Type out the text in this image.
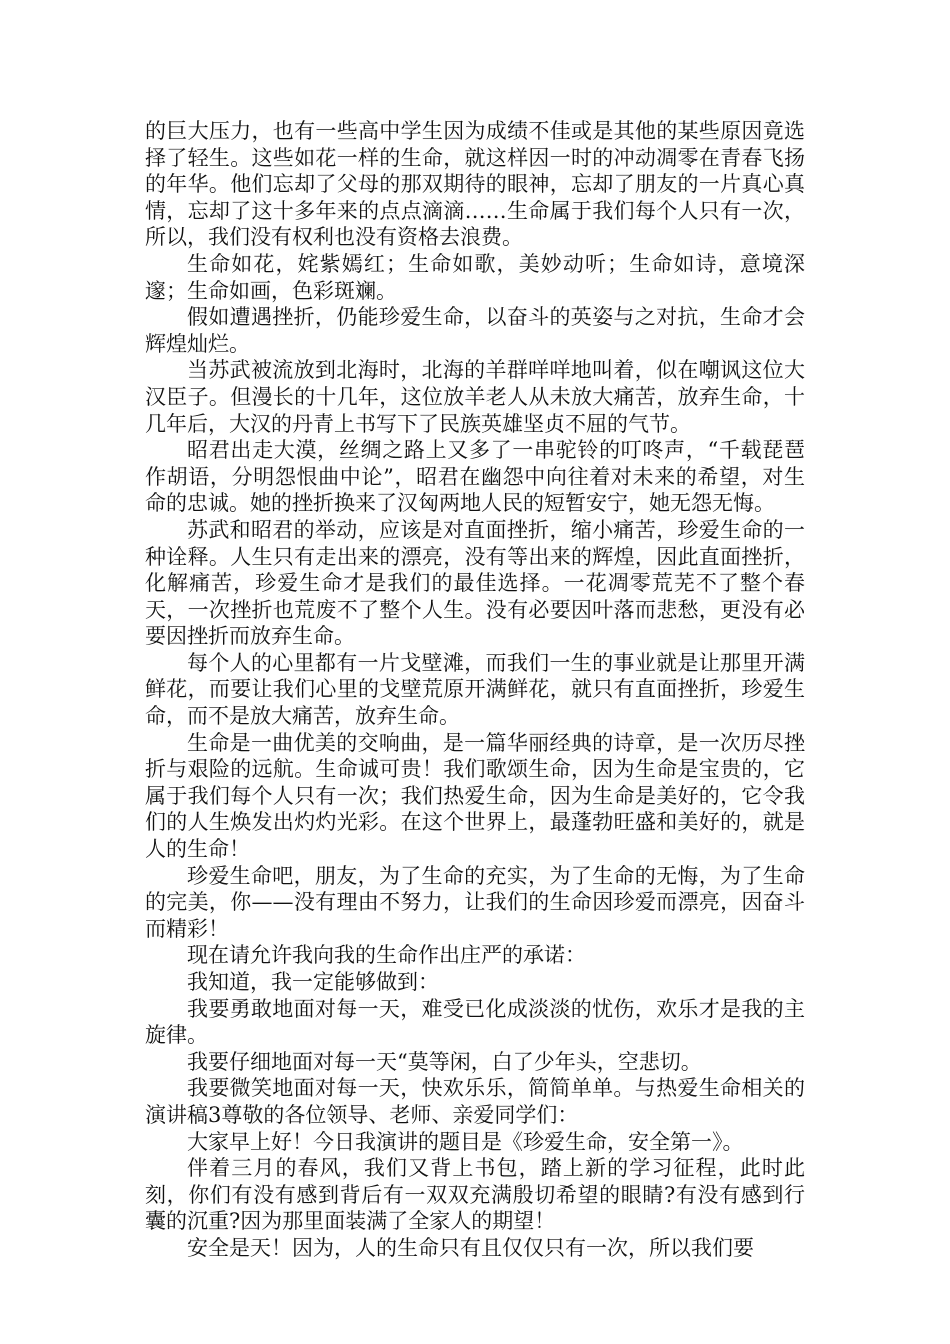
的巨大压力，也有一些高中学生因为成绩不佳或是其他的某些原因竟选择了轻生。这些如花一样的生命，就这样因一时的冲动凋零在青春飞扬的年华。他们忘却了父母的那双期待的眼神，忘却了朋友的一片真心真情，忘却了这十多年来的点点滴滴……生命属于我们每个人只有一次，所以，我们没有权利也没有资格去浪费。

生命如花，姹紫嫣红；生命如歌，美妙动听；生命如诗，意境深邃；生命如画，色彩斑斓。

假如遭遇挫折，仍能珍爱生命，以奋斗的英姿与之对抗，生命才会辉煌灿烂。

当苏武被流放到北海时，北海的羊群咩咩地叫着，似在嘲讽这位大汉臣子。但漫长的十几年，这位放羊老人从未放大痛苦，放弃生命，十几年后，大汉的丹青上书写下了民族英雄坚贞不屈的气节。

昭君出走大漠，丝绸之路上又多了一串驼铃的叮咚声，“千载琵琶作胡语，分明怨恨曲中论”，昭君在幽怨中向往着对未来的希望，对生命的忠诚。她的挫折换来了汉匈两地人民的短暂安宁，她无怨无悔。

苏武和昭君的举动，应该是对直面挫折，缩小痛苦，珍爱生命的一种诠释。人生只有走出来的漂亮，没有等出来的辉煌，因此直面挫折，化解痛苦，珍爱生命才是我们的最佳选择。一花凋零荒芜不了整个春天，一次挫折也荒废不了整个人生。没有必要因叶落而悲愁，更没有必要因挫折而放弃生命。

每个人的心里都有一片戈壁滩，而我们一生的事业就是让那里开满鲜花，而要让我们心里的戈壁荒原开满鲜花，就只有直面挫折，珍爱生命，而不是放大痛苦，放弃生命。

生命是一曲优美的交响曲，是一篇华丽经典的诗章，是一次历尽挫折与艰险的远航。生命诚可贵！我们歌颂生命，因为生命是宝贵的，它属于我们每个人只有一次；我们热爱生命，因为生命是美好的，它令我们的人生焕发出灼灼光彩。在这个世界上，最蓬勃旺盛和美好的，就是人的生命！

珍爱生命吧，朋友，为了生命的充实，为了生命的无悔，为了生命的完美，你——没有理由不努力，让我们的生命因珍爱而漂亮，因奋斗而精彩！

现在请允许我向我的生命作出庄严的承诺：

我知道，我一定能够做到：

我要勇敢地面对每一天，难受已化成淡淡的忧伤，欢乐才是我的主旋律。

我要仔细地面对每一天“莫等闲，白了少年头，空悲切。

我要微笑地面对每一天，快欢乐乐，简简单单。与热爱生命相关的演讲稿3尊敬的各位领导、老师、亲爱同学们：

大家早上好！今日我演讲的题目是《珍爱生命，安全第一》。

伴着三月的春风，我们又背上书包，踏上新的学习征程，此时此刻，你们有没有感到背后有一双双充满殷切希望的眼睛?有没有感到行囊的沉重?因为那里面装满了全家人的期望！

安全是天！因为，人的生命只有且仅仅只有一次，所以我们要
